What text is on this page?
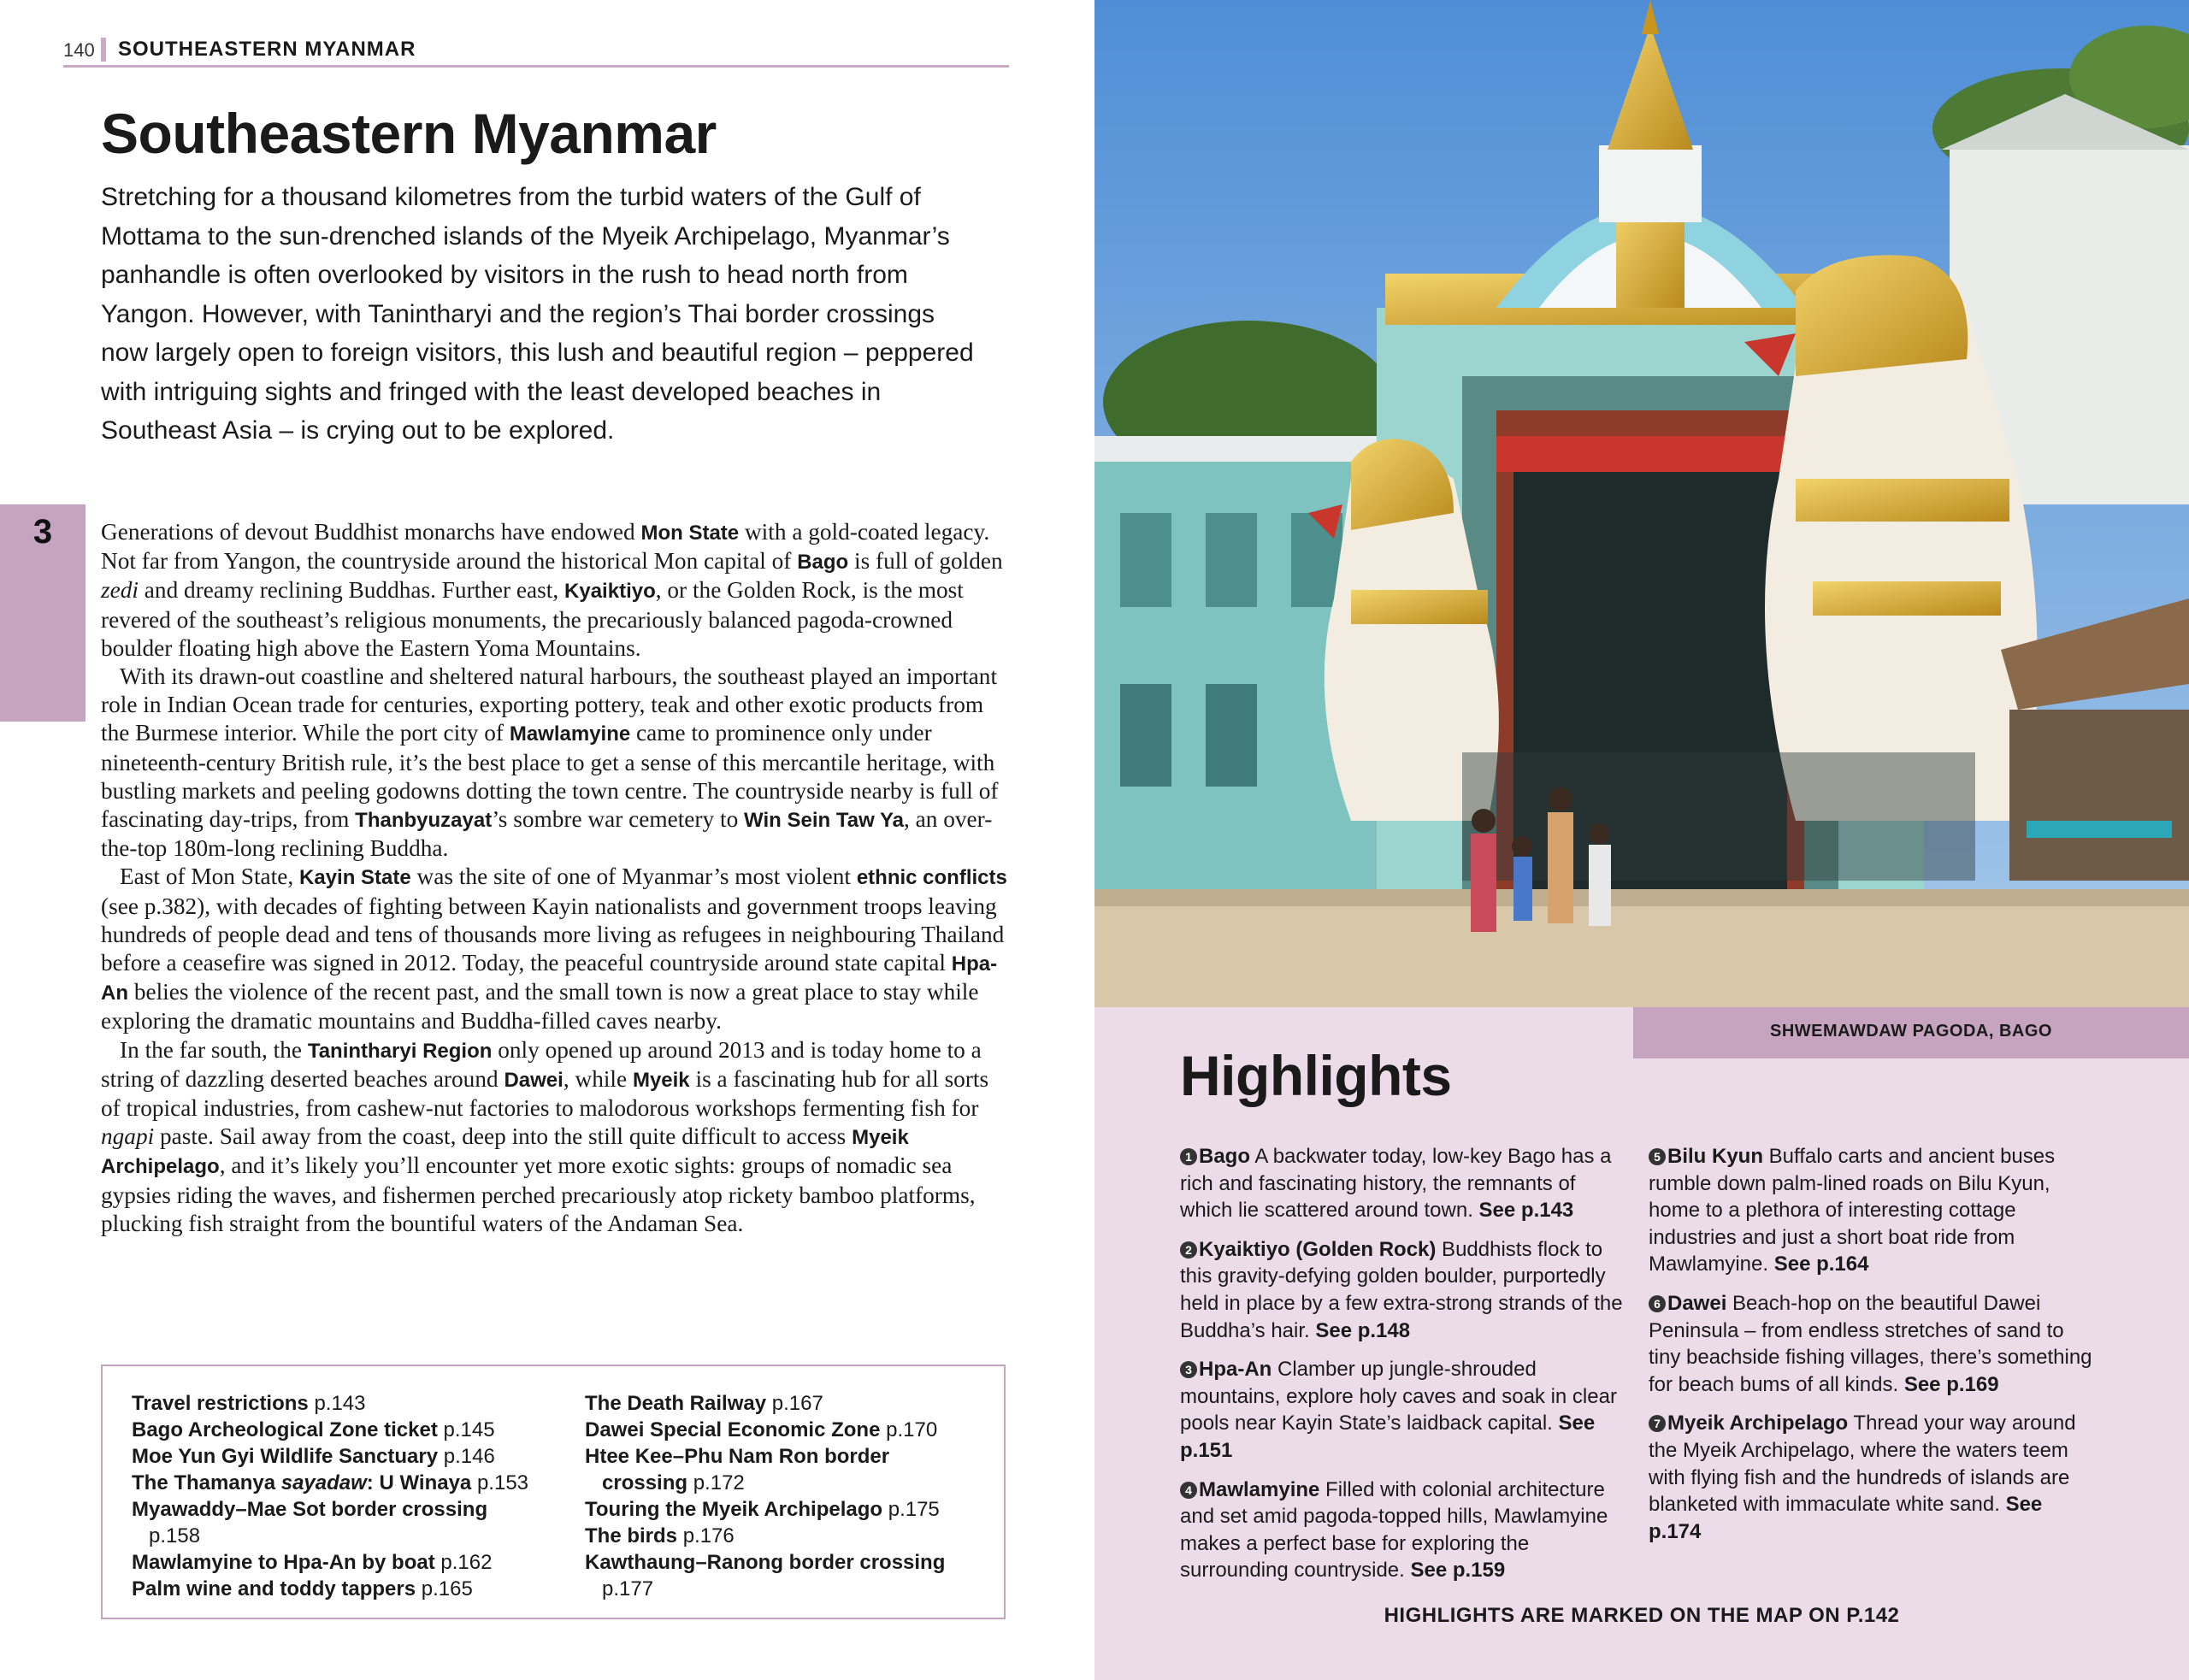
140 SOUTHEASTERN MYANMAR
Southeastern Myanmar

Stretching for a thousand kilometres from the turbid waters of the Gulf of Mottama to the sun-drenched islands of the Myeik Archipelago, Myanmar’s panhandle is often overlooked by visitors in the rush to head north from Yangon. However, with Tanintharyi and the region’s Thai border crossings now largely open to foreign visitors, this lush and beautiful region – peppered with intriguing sights and fringed with the least developed beaches in Southeast Asia – is crying out to be explored.

3	Generations of devout Buddhist monarchs have endowed Mon State with a gold-coated legacy. Not far from Yangon, the countryside around the historical Mon capital of Bago is full of golden zedi and dreamy reclining Buddhas. Further east, Kyaiktiyo, or the Golden Rock, is the most revered of the southeast’s religious monuments, the precariously balanced pagoda-crowned boulder floating high above the Eastern Yoma Mountains.

With its drawn-out coastline and sheltered natural harbours, the southeast played an important role in Indian Ocean trade for centuries, exporting pottery, teak and other exotic products from the Burmese interior. While the port city of Mawlamyine came to prominence only under nineteenth-century British rule, it’s the best place to get a sense of this mercantile heritage, with bustling markets and peeling godowns dotting the town centre. The countryside nearby is full of fascinating day-trips, from Thanbyuzayat’s sombre war cemetery to Win Sein Taw Ya, an over-the-top 180m-long reclining Buddha.

East of Mon State, Kayin State was the site of one of Myanmar’s most violent ethnic conflicts (see p.382), with decades of fighting between Kayin nationalists and government troops leaving hundreds of people dead and tens of thousands more living as refugees in neighbouring Thailand before a ceasefire was signed in 2012. Today, the peaceful countryside around state capital Hpa-An belies the violence of the recent past, and the small town is now a great place to stay while exploring the dramatic mountains and Buddha-filled caves nearby.

In the far south, the Tanintharyi Region only opened up around 2013 and is today home to a string of dazzling deserted beaches around Dawei, while Myeik is a fascinating hub for all sorts of tropical industries, from cashew-nut factories to malodorous workshops fermenting fish for ngapi paste. Sail away from the coast, deep into the still quite difficult to access Myeik Archipelago, and it’s likely you’ll encounter yet more exotic sights: groups of nomadic sea gypsies riding the waves, and fishermen perched precariously atop rickety bamboo platforms, plucking fish straight from the bountiful waters of the Andaman Sea.

Travel restrictions p.143
Bago Archeological Zone ticket p.145
Moe Yun Gyi Wildlife Sanctuary p.146
The Thamanya sayadaw: U Winaya p.153
Myawaddy–Mae Sot border crossing
p.158
Mawlamyine to Hpa-An by boat p.162
Palm wine and toddy tappers p.165
The Death Railway p.167
Dawei Special Economic Zone p.170
Htee Kee–Phu Nam Ron border
crossing p.172
Touring the Myeik Archipelago p.175
The birds p.176
Kawthaung–Ranong border crossing
p.177
SHWEMAWDAW PAGODA, BAGO
Highlights
1 Bago A backwater today, low-key Bago has a rich and fascinating history, the remnants of which lie scattered around town. See p.143
2 Kyaiktiyo (Golden Rock) Buddhists flock to this gravity-defying golden boulder, purportedly held in place by a few extra-strong strands of the Buddha’s hair. See p.148
3 Hpa-An Clamber up jungle-shrouded mountains, explore holy caves and soak in clear pools near Kayin State’s laidback capital. See p.151
4 Mawlamyine Filled with colonial architecture and set amid pagoda-topped hills, Mawlamyine makes a perfect base for exploring the surrounding countryside. See p.159
5 Bilu Kyun Buffalo carts and ancient buses rumble down palm-lined roads on Bilu Kyun, home to a plethora of interesting cottage industries and just a short boat ride from Mawlamyine. See p.164
6 Dawei Beach-hop on the beautiful Dawei Peninsula – from endless stretches of sand to tiny beachside fishing villages, there’s something for beach bums of all kinds. See p.169
7 Myeik Archipelago Thread your way around the Myeik Archipelago, where the waters teem with flying fish and the hundreds of islands are blanketed with immaculate white sand. See p.174
HIGHLIGHTS ARE MARKED ON THE MAP ON P.142
